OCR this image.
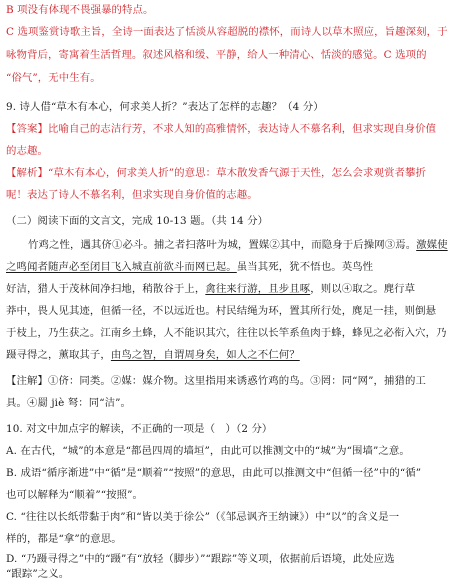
B 项没有体现不畏强暴的特点。
C 选项鉴赏诗歌主旨，全诗一面表达了恬淡从容超脱的襟怀，而诗人以草木照应，旨趣深刻，于
咏物背后，寄寓着生活哲理。叙述风格和缓、平静，给人一种清心、恬淡的感觉。C 选项的
“俗气”，无中生有。
9. 诗人借“草木有本心，何求美人折？”表达了怎样的志趣？（4 分）
【答案】比喻自己的志洁行芳，不求人知的高雅情怀，表达诗人不慕名利，但求实现自身价值
的志趣。
【解析】“草木有本心，何求美人折”的意思：草木散发香气源于天性，怎么会求观赏者攀折
呢！表达了诗人不慕名利，但求实现自身价值的志趣。
（二）阅读下面的文言文，完成 10-13 题。（共 14 分）
竹鸡之性，遇其侪①必斗。捕之者扫落叶为城，置媒②其中，而隐身于后操网③焉。激媒使
之鸣闻者随声必至闭目飞入城直前欲斗而网已起。虽当其死，犹不悟也。英鸟性
好洁，猎人于茂林间净扫地，稍散谷于上，禽往来行游，且步且啄，则以④取之。麂行草
莽中，畏人见其迹，但循一径，不以远近也。村民结绳为环，置其所行处，麂足一挂，则倒悬
于枝上，乃生获之。江南乡土蜂，人不能识其穴，往往以长竿系鱼肉于蜂，蜂见之必衔入穴，乃
蹑寻得之，薰取其子，由鸟之智，自谓周身矣，如人之不仁何？
【注解】①侪：同类。②媒：媒介物。这里指用来诱惑竹鸡的鸟。③罔：同“网”，捕猎的工
具。④罽 jiè 弩：同“洁”。
10. 对文中加点字的解读，不正确的一项是（　）（2 分）
A. 在古代，“城”的本意是“都邑四周的墙垣”，由此可以推测文中的“城”为“围墙”之意。
B. 成语“循序渐进”中“循”是“顺着”“按照”的意思，由此可以推测文中“但循一径”中的“循”
也可以解释为“顺着”“按照”。
C. “往往以长纸带黏于肉”和“皆以美于徐公”（《邹忌讽齐王纳谏》）中“以”的含义是一
样的，都是“拿”的意思。
D. “乃蹑寻得之”中的“蹑”有“放轻（脚步）”“跟踪”等义项，依据前后语境，此处应选
“跟踪”之义。
